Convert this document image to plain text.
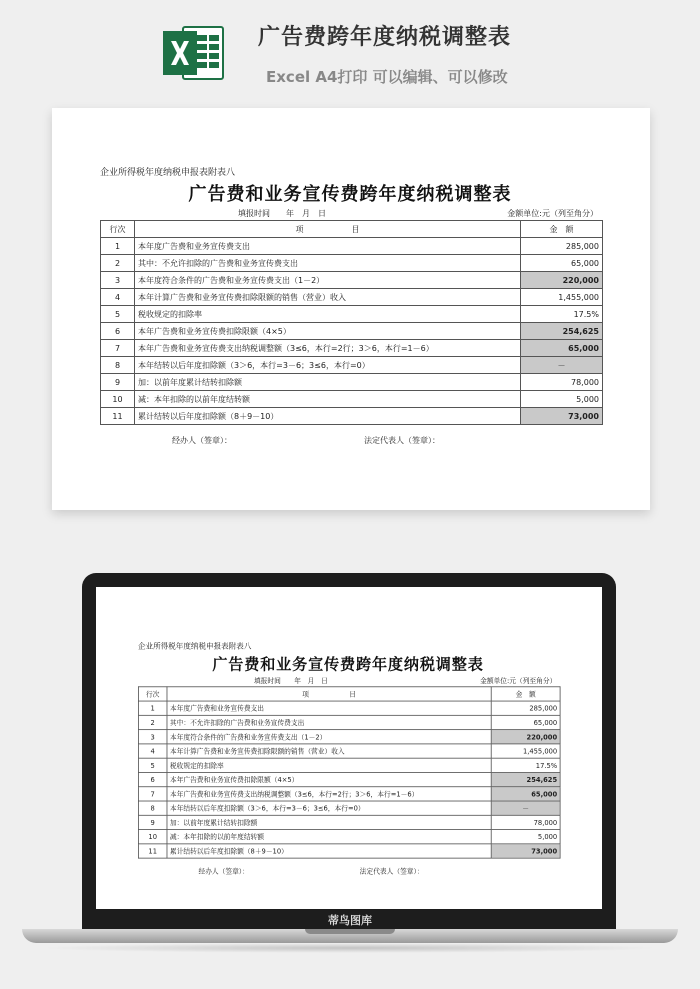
广告费跨年度纳税调整表
Excel A4打印 可以编辑、可以修改
企业所得税年度纳税申报表附表八
广告费和业务宣传费跨年度纳税调整表
填报时间　　年　月　日	金额单位:元（列至角分）
行次	项　　　　　　目	金　额
1	本年度广告费和业务宣传费支出	285,000
2	其中：不允许扣除的广告费和业务宣传费支出	65,000
3	本年度符合条件的广告费和业务宣传费支出（1－2）	220,000
4	本年计算广告费和业务宣传费扣除限额的销售（营业）收入	1,455,000
5	税收规定的扣除率	17.5%
6	本年广告费和业务宣传费扣除限额（4×5）	254,625
7	本年广告费和业务宣传费支出纳税调整额（3≤6，本行=2行；3＞6，本行=1－6）	65,000
8	本年结转以后年度扣除额（3＞6，本行=3－6；3≤6，本行=0）	－
9	加：以前年度累计结转扣除额	78,000
10	减：本年扣除的以前年度结转额	5,000
11	累计结转以后年度扣除额（8＋9－10）	73,000
经办人（签章）：	法定代表人（签章）：
企业所得税年度纳税申报表附表八
广告费和业务宣传费跨年度纳税调整表
填报时间　　年　月　日	金额单位:元（列至角分）
行次	项　　　　　　目	金　额
1	本年度广告费和业务宣传费支出	285,000
2	其中：不允许扣除的广告费和业务宣传费支出	65,000
3	本年度符合条件的广告费和业务宣传费支出（1－2）	220,000
4	本年计算广告费和业务宣传费扣除限额的销售（营业）收入	1,455,000
5	税收规定的扣除率	17.5%
6	本年广告费和业务宣传费扣除限额（4×5）	254,625
7	本年广告费和业务宣传费支出纳税调整额（3≤6，本行=2行；3＞6，本行=1－6）	65,000
8	本年结转以后年度扣除额（3＞6，本行=3－6；3≤6，本行=0）	－
9	加：以前年度累计结转扣除额	78,000
10	减：本年扣除的以前年度结转额	5,000
11	累计结转以后年度扣除额（8＋9－10）	73,000
经办人（签章）：	法定代表人（签章）：
蒂鸟图库
